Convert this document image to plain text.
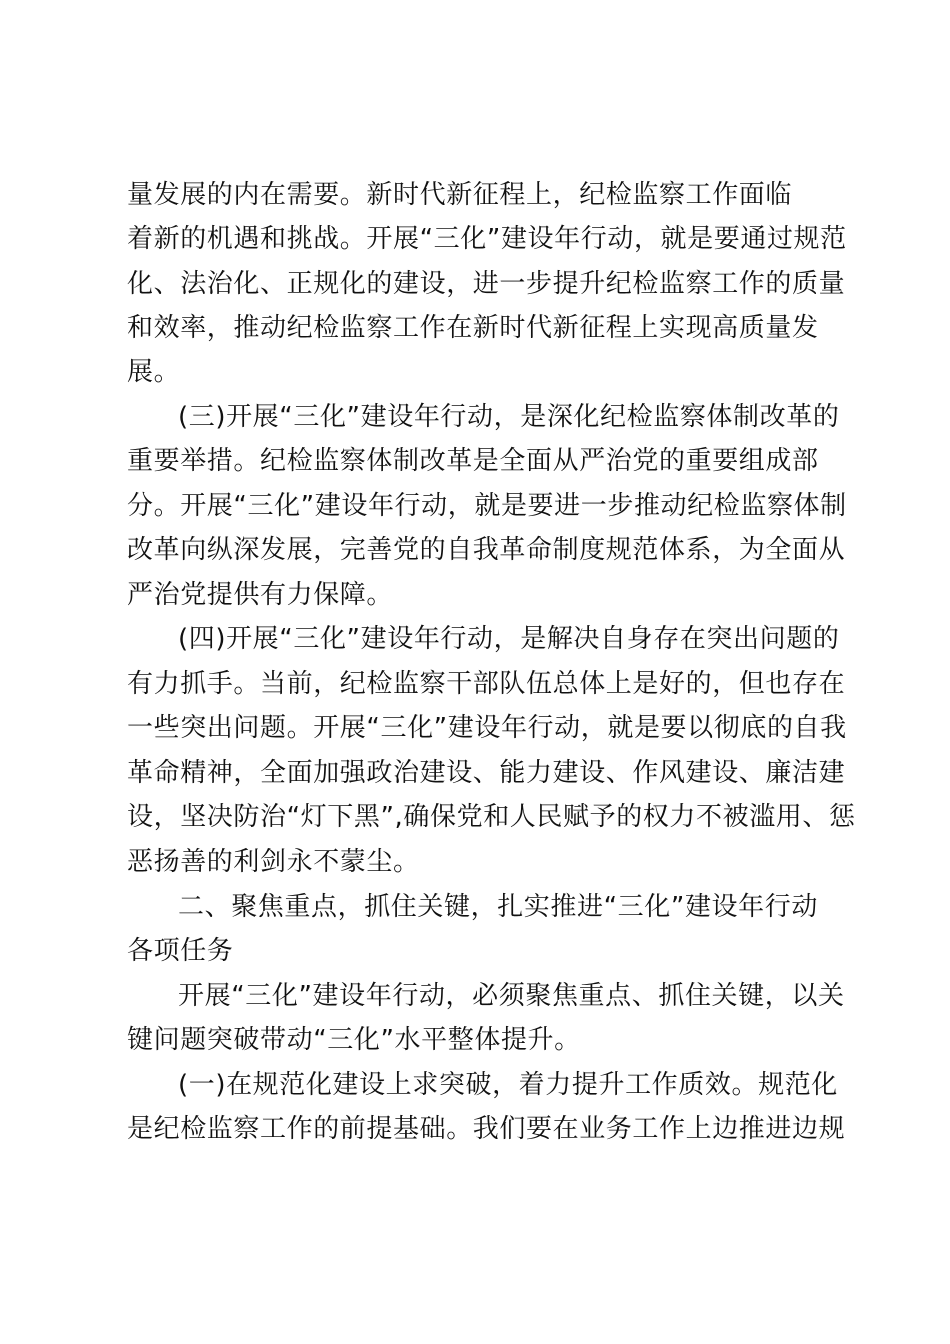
量发展的内在需要。新时代新征程上，纪检监察工作面临
着新的机遇和挑战。开展“三化”建设年行动，就是要通过规范
化、法治化、正规化的建设，进一步提升纪检监察工作的质量
和效率，推动纪检监察工作在新时代新征程上实现高质量发
展。
(三)开展“三化”建设年行动，是深化纪检监察体制改革的
重要举措。纪检监察体制改革是全面从严治党的重要组成部
分。开展“三化”建设年行动，就是要进一步推动纪检监察体制
改革向纵深发展，完善党的自我革命制度规范体系，为全面从
严治党提供有力保障。
(四)开展“三化”建设年行动，是解决自身存在突出问题的
有力抓手。当前，纪检监察干部队伍总体上是好的，但也存在
一些突出问题。开展“三化”建设年行动，就是要以彻底的自我
革命精神，全面加强政治建设、能力建设、作风建设、廉洁建
设，坚决防治“灯下黑”,确保党和人民赋予的权力不被滥用、惩
恶扬善的利剑永不蒙尘。
二、聚焦重点，抓住关键，扎实推进“三化”建设年行动
各项任务
开展“三化”建设年行动，必须聚焦重点、抓住关键，以关
键问题突破带动“三化”水平整体提升。
(一)在规范化建设上求突破，着力提升工作质效。规范化
是纪检监察工作的前提基础。我们要在业务工作上边推进边规
